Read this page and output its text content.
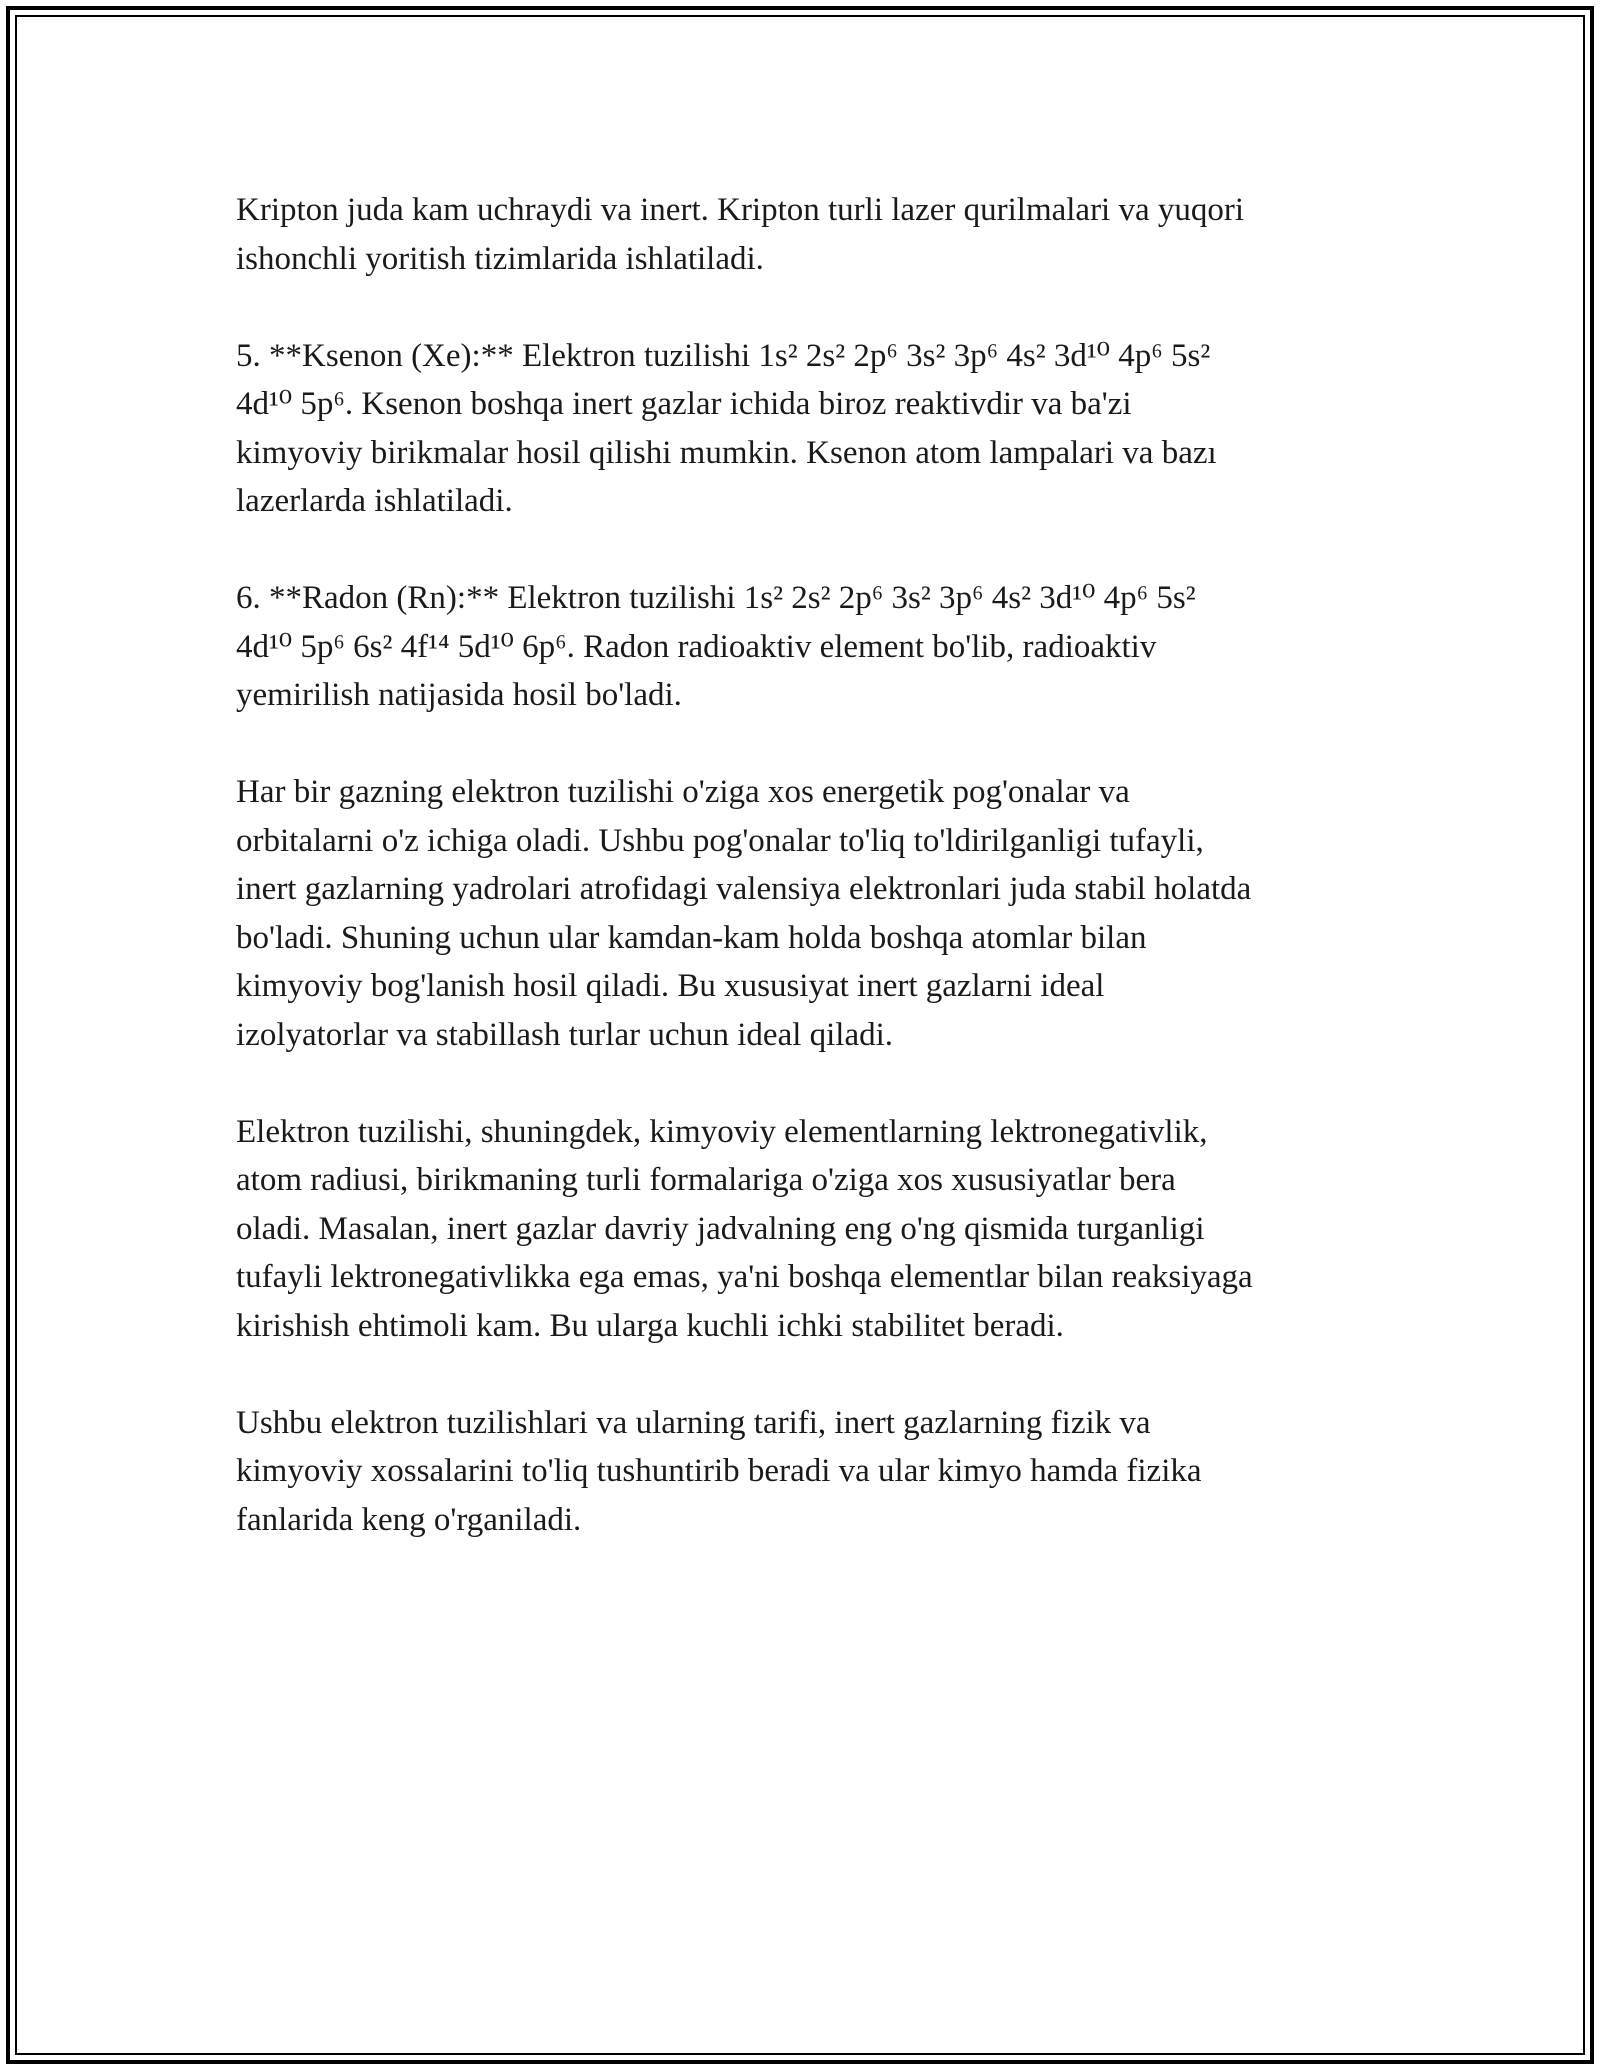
Kripton juda kam uchraydi va inert. Kripton turli lazer qurilmalari va yuqori
ishonchli yoritish tizimlarida ishlatiladi.

5. **Ksenon (Xe):** Elektron tuzilishi 1s² 2s² 2p⁶ 3s² 3p⁶ 4s² 3d¹⁰ 4p⁶ 5s²
4d¹⁰ 5p⁶. Ksenon boshqa inert gazlar ichida biroz reaktivdir va ba'zi
kimyoviy birikmalar hosil qilishi mumkin. Ksenon atom lampalari va bazı
lazerlarda ishlatiladi.

6. **Radon (Rn):** Elektron tuzilishi 1s² 2s² 2p⁶ 3s² 3p⁶ 4s² 3d¹⁰ 4p⁶ 5s²
4d¹⁰ 5p⁶ 6s² 4f¹⁴ 5d¹⁰ 6p⁶. Radon radioaktiv element bo'lib, radioaktiv
yemirilish natijasida hosil bo'ladi.

Har bir gazning elektron tuzilishi o'ziga xos energetik pog'onalar va
orbitalarni o'z ichiga oladi. Ushbu pog'onalar to'liq to'ldirilganligi tufayli,
inert gazlarning yadrolari atrofidagi valensiya elektronlari juda stabil holatda
bo'ladi. Shuning uchun ular kamdan-kam holda boshqa atomlar bilan
kimyoviy bog'lanish hosil qiladi. Bu xususiyat inert gazlarni ideal
izolyatorlar va stabillash turlar uchun ideal qiladi.

Elektron tuzilishi, shuningdek, kimyoviy elementlarning lektronegativlik,
atom radiusi, birikmaning turli formalariga o'ziga xos xususiyatlar bera
oladi. Masalan, inert gazlar davriy jadvalning eng o'ng qismida turganligi
tufayli lektronegativlikka ega emas, ya'ni boshqa elementlar bilan reaksiyaga
kirishish ehtimoli kam. Bu ularga kuchli ichki stabilitet beradi.

Ushbu elektron tuzilishlari va ularning tarifi, inert gazlarning fizik va
kimyoviy xossalarini to'liq tushuntirib beradi va ular kimyo hamda fizika
fanlarida keng o'rganiladi.
